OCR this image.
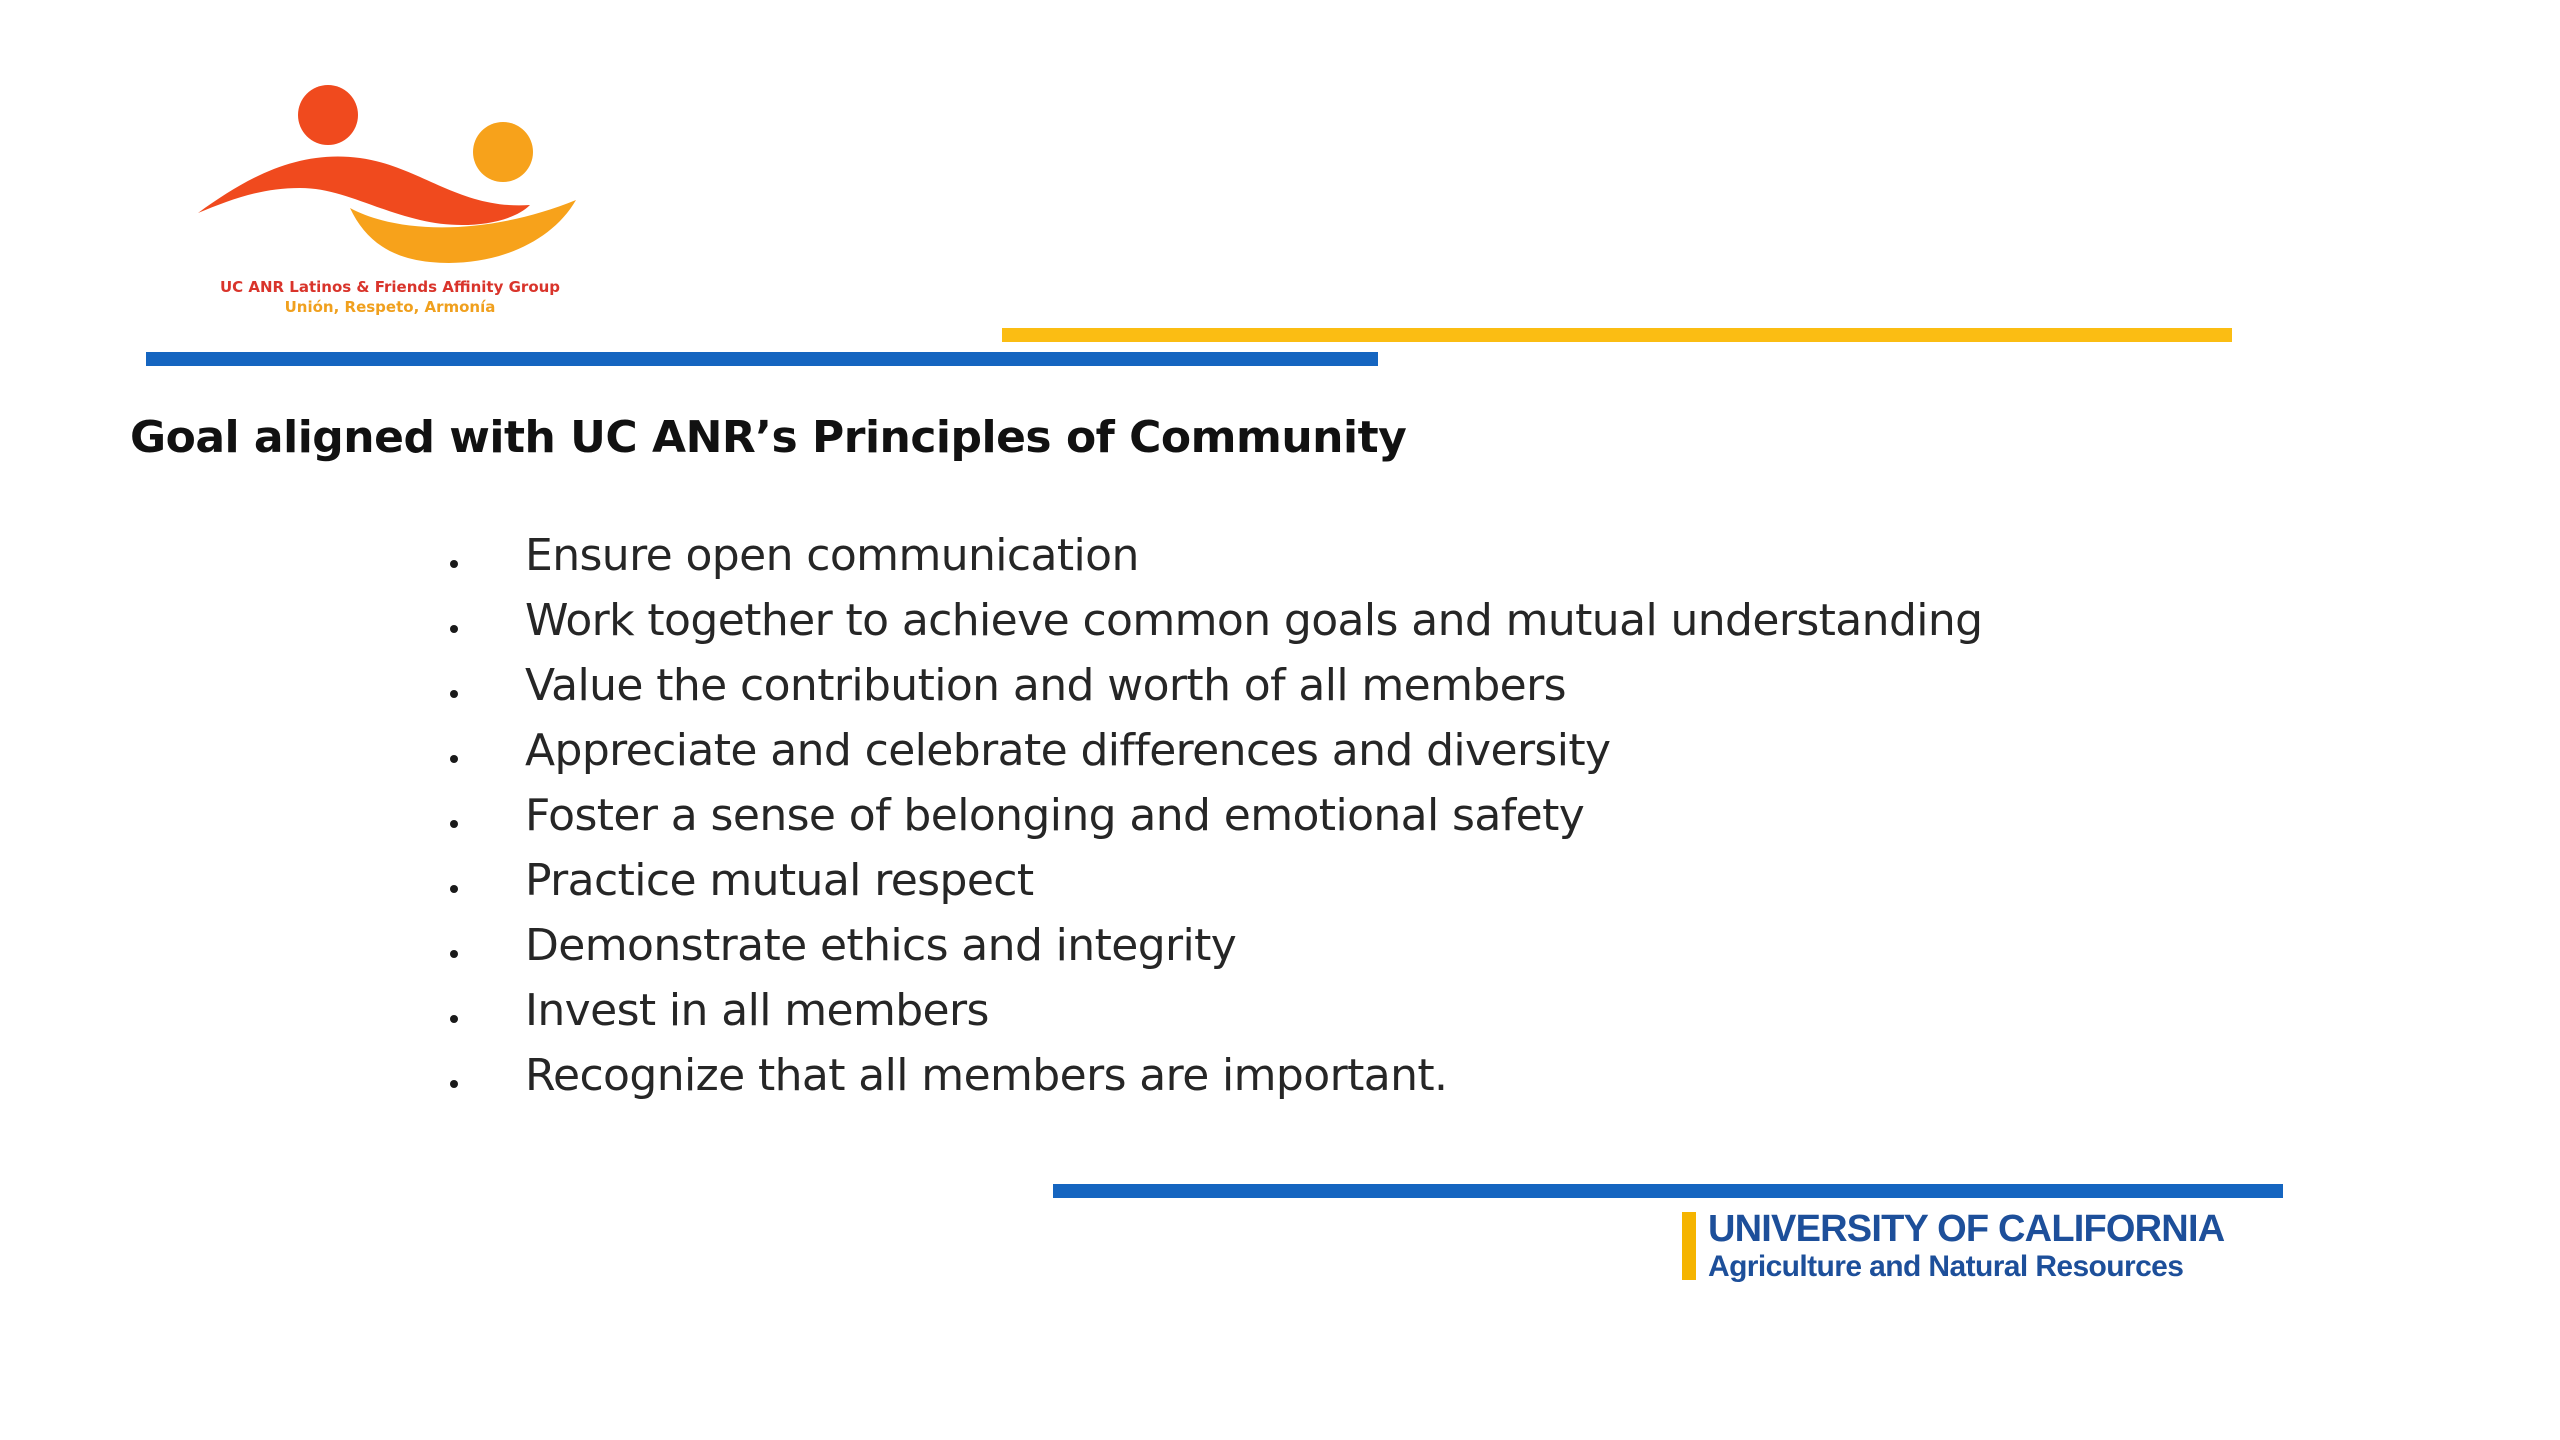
UC ANR Latinos & Friends Affinity Group
Unión, Respeto, Armonía
Goal aligned with UC ANR’s Principles of Community
Ensure open communication
Work together to achieve common goals and mutual understanding
Value the contribution and worth of all members
Appreciate and celebrate differences and diversity
Foster a sense of belonging and emotional safety
Practice mutual respect
Demonstrate ethics and integrity
Invest in all members
Recognize that all members are important.
UNIVERSITY OF CALIFORNIA
Agriculture and Natural Resources
